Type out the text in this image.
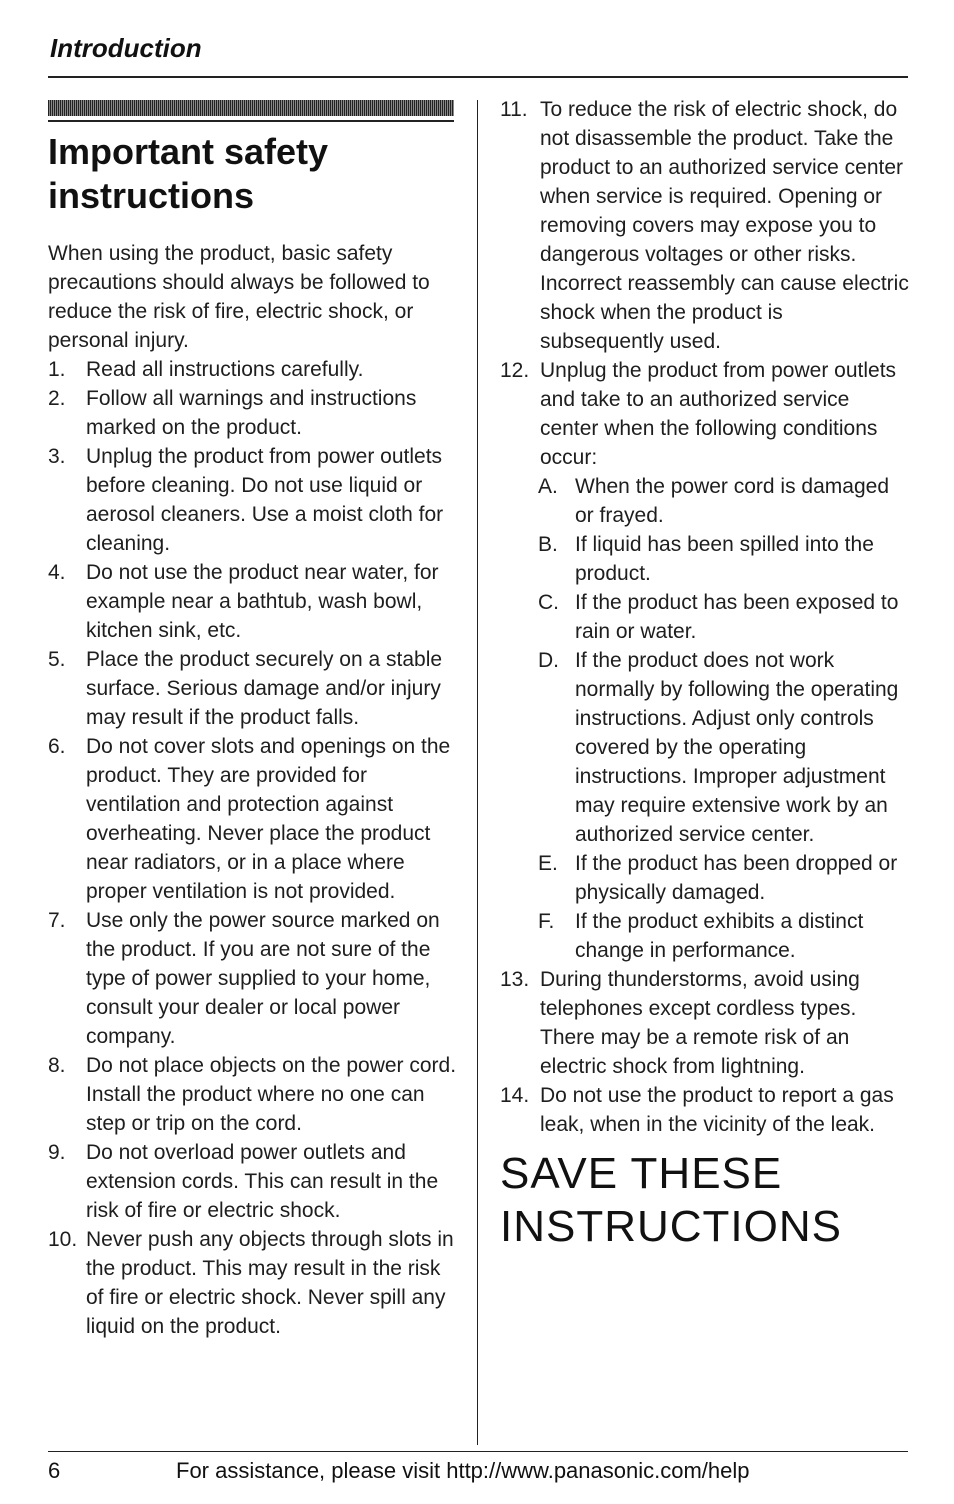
Introduction
Important safety instructions

When using the product, basic safety precautions should always be followed to reduce the risk of fire, electric shock, or personal injury.

1. Read all instructions carefully.
2. Follow all warnings and instructions marked on the product.
3. Unplug the product from power outlets before cleaning. Do not use liquid or aerosol cleaners. Use a moist cloth for cleaning.
4. Do not use the product near water, for example near a bathtub, wash bowl, kitchen sink, etc.
5. Place the product securely on a stable surface. Serious damage and/or injury may result if the product falls.
6. Do not cover slots and openings on the product. They are provided for ventilation and protection against overheating. Never place the product near radiators, or in a place where proper ventilation is not provided.
7. Use only the power source marked on the product. If you are not sure of the type of power supplied to your home, consult your dealer or local power company.
8. Do not place objects on the power cord. Install the product where no one can step or trip on the cord.
9. Do not overload power outlets and extension cords. This can result in the risk of fire or electric shock.
10. Never push any objects through slots in the product. This may result in the risk of fire or electric shock. Never spill any liquid on the product.
11. To reduce the risk of electric shock, do not disassemble the product. Take the product to an authorized service center when service is required. Opening or removing covers may expose you to dangerous voltages or other risks. Incorrect reassembly can cause electric shock when the product is subsequently used.
12. Unplug the product from power outlets and take to an authorized service center when the following conditions occur:
A. When the power cord is damaged or frayed.
B. If liquid has been spilled into the product.
C. If the product has been exposed to rain or water.
D. If the product does not work normally by following the operating instructions. Adjust only controls covered by the operating instructions. Improper adjustment may require extensive work by an authorized service center.
E. If the product has been dropped or physically damaged.
F. If the product exhibits a distinct change in performance.
13. During thunderstorms, avoid using telephones except cordless types. There may be a remote risk of an electric shock from lightning.
14. Do not use the product to report a gas leak, when in the vicinity of the leak.
SAVE THESE INSTRUCTIONS
6	For assistance, please visit http://www.panasonic.com/help
